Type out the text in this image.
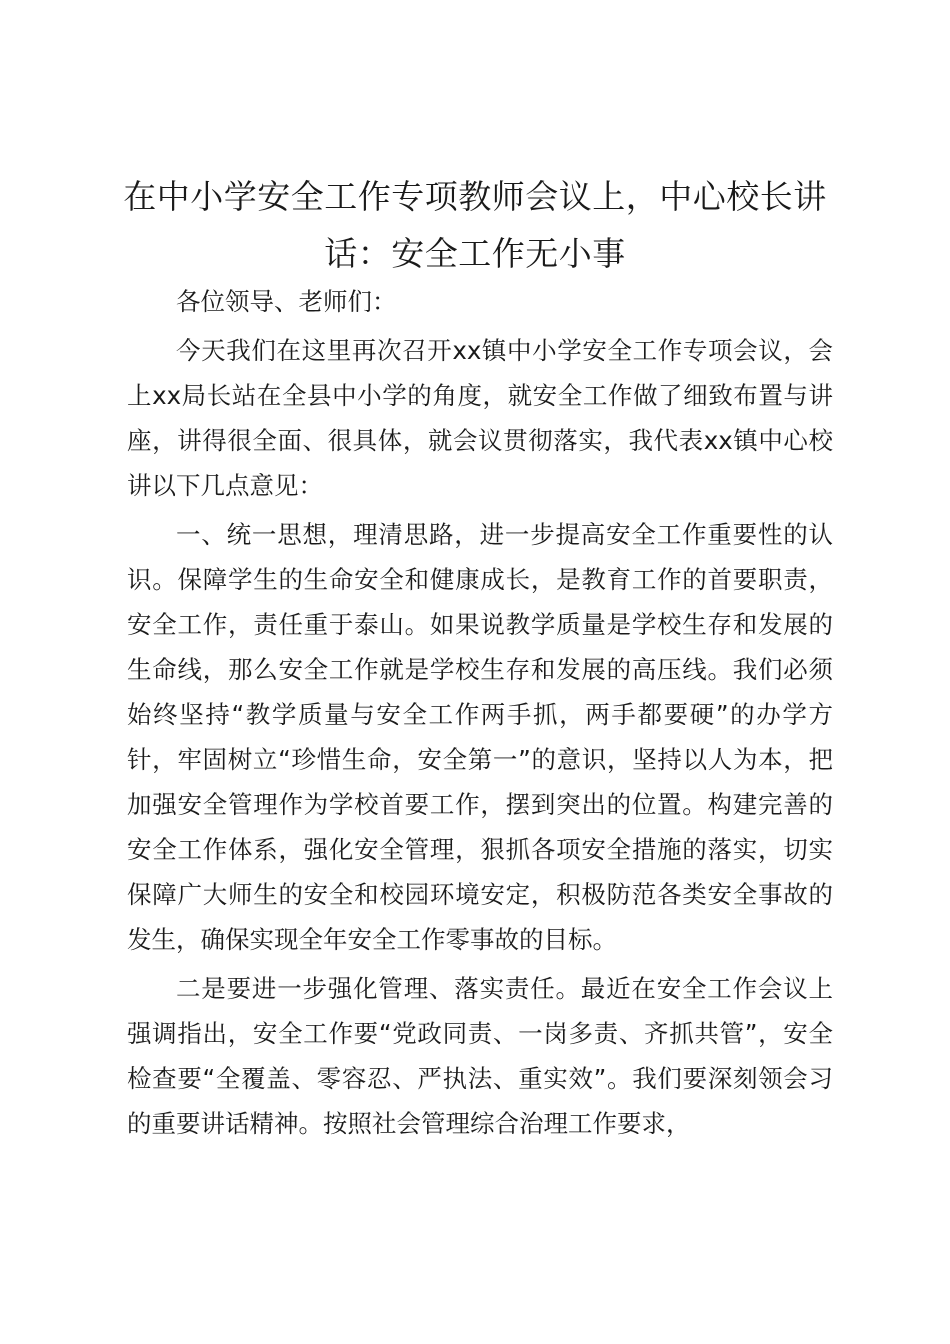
在中小学安全工作专项教师会议上，中心校长讲话：安全工作无小事

各位领导、老师们：

今天我们在这里再次召开xx镇中小学安全工作专项会议，会上xx局长站在全县中小学的角度，就安全工作做了细致布置与讲座，讲得很全面、很具体，就会议贯彻落实，我代表xx镇中心校讲以下几点意见：

一、统一思想，理清思路，进一步提高安全工作重要性的认识。保障学生的生命安全和健康成长，是教育工作的首要职责，安全工作，责任重于泰山。如果说教学质量是学校生存和发展的生命线，那么安全工作就是学校生存和发展的高压线。我们必须始终坚持“教学质量与安全工作两手抓，两手都要硬”的办学方针，牢固树立“珍惜生命，安全第一”的意识，坚持以人为本，把加强安全管理作为学校首要工作，摆到突出的位置。构建完善的安全工作体系，强化安全管理，狠抓各项安全措施的落实，切实保障广大师生的安全和校园环境安定，积极防范各类安全事故的发生，确保实现全年安全工作零事故的目标。

二是要进一步强化管理、落实责任。最近在安全工作会议上强调指出，安全工作要“党政同责、一岗多责、齐抓共管”，安全检查要“全覆盖、零容忍、严执法、重实效”。我们要深刻领会习的重要讲话精神。按照社会管理综合治理工作要求，
